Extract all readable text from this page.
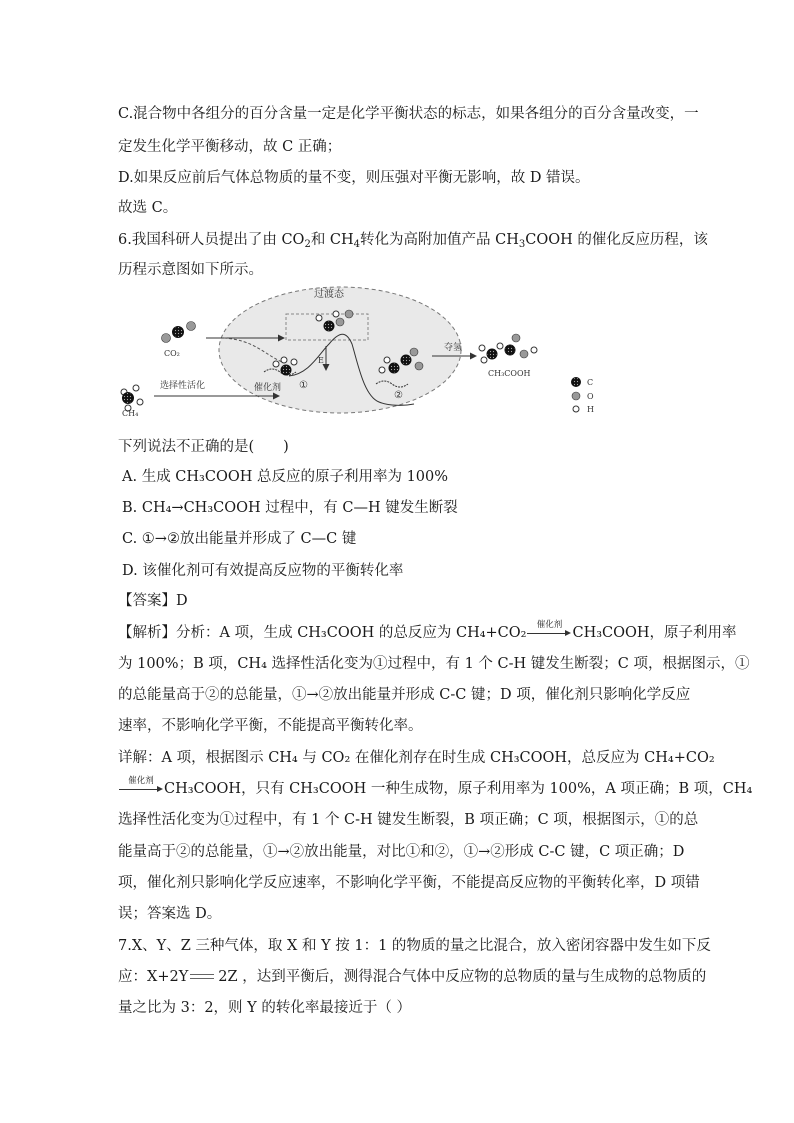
C.混合物中各组分的百分含量一定是化学平衡状态的标志，如果各组分的百分含量改变，一
定发生化学平衡移动，故 C 正确；
D.如果反应前后气体总物质的量不变，则压强对平衡无影响，故 D 错误。
故选 C。
6.我国科研人员提出了由 $CO_2$和 $CH_4$转化为高附加值产品 $CH_3COOH$ 的催化反应历程，该
历程示意图如下所示。
过渡态
CO₂
CH₄
选择性活化
E
①
催化剂
②
夺氢
CH₃COOH
C
O
H
下列说法不正确的是(　　)
A. 生成 CH₃COOH 总反应的原子利用率为 100%
B. CH₄→CH₃COOH 过程中，有 C—H 键发生断裂
C. ①→②放出能量并形成了 C—C 键
D. 该催化剂可有效提高反应物的平衡转化率
【答案】D
【解析】分析：A 项，生成 CH₃COOH 的总反应为 CH₄+CO₂	催化剂 CH₃COOH，原子利用率
为 100%；B 项，CH₄ 选择性活化变为①过程中，有 1 个 C-H 键发生断裂；C 项，根据图示，①
的总能量高于②的总能量，①→②放出能量并形成 C-C 键；D 项，催化剂只影响化学反应
速率，不影响化学平衡，不能提高平衡转化率。
详解：A 项，根据图示 CH₄ 与 CO₂ 在催化剂存在时生成 CH₃COOH，总反应为 CH₄+CO₂
催化剂 CH₃COOH，只有 CH₃COOH 一种生成物，原子利用率为 100%，A 项正确；B 项，CH₄
选择性活化变为①过程中，有 1 个 C-H 键发生断裂，B 项正确；C 项，根据图示，①的总
能量高于②的总能量，①→②放出能量，对比①和②，①→②形成 C-C 键，C 项正确；D
项，催化剂只影响化学反应速率，不影响化学平衡，不能提高反应物的平衡转化率，D 项错
误；答案选 D。
7.X、Y、Z 三种气体，取 X 和 Y 按 1：1 的物质的量之比混合，放入密闭容器中发生如下反
应：X+2Y 2Z ，达到平衡后，测得混合气体中反应物的总物质的量与生成物的总物质的
量之比为 3：2，则 Y 的转化率最接近于（ ）
